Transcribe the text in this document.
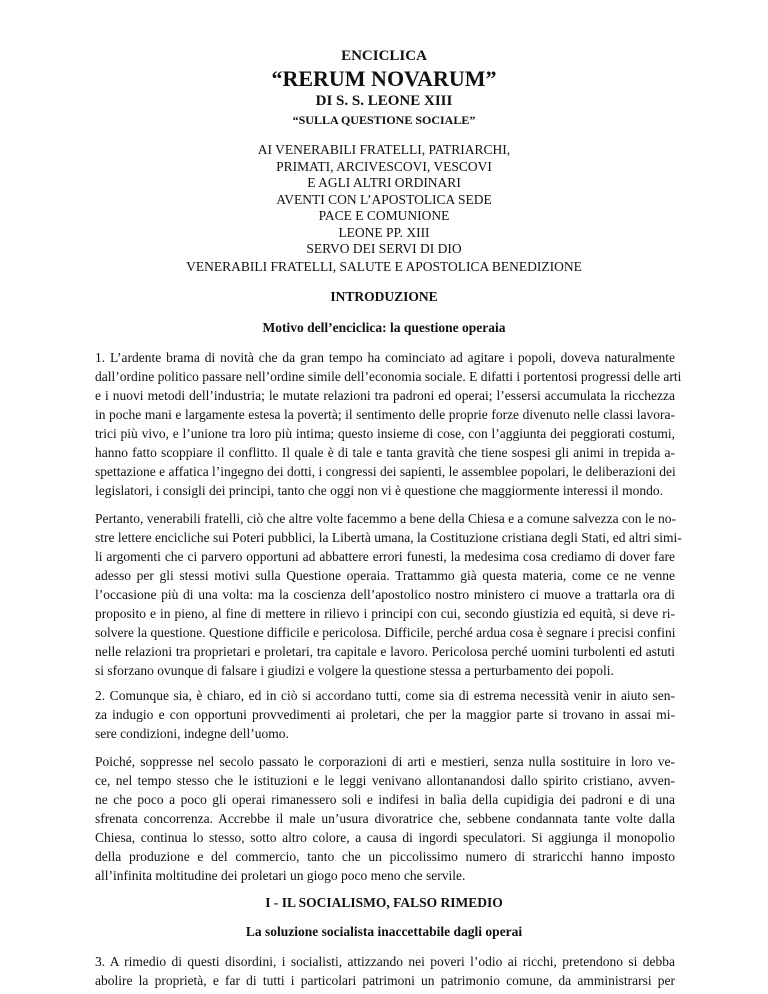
ENCICLICA
“RERUM NOVARUM”
DI S. S. LEONE XIII
“SULLA QUESTIONE SOCIALE”
AI VENERABILI FRATELLI, PATRIARCHI,
PRIMATI, ARCIVESCOVI, VESCOVI
E AGLI ALTRI ORDINARI
AVENTI CON L’APOSTOLICA SEDE
PACE E COMUNIONE
LEONE PP. XIII
SERVO DEI SERVI DI DIO
VENERABILI FRATELLI, SALUTE E APOSTOLICA BENEDIZIONE
INTRODUZIONE
Motivo dell’enciclica: la questione operaia
1. L’ardente brama di novità che da gran tempo ha cominciato ad agitare i popoli, doveva naturalmente
dall’ordine politico passare nell’ordine simile dell’economia sociale. E difatti i portentosi progressi delle arti
e i nuovi metodi dell’industria; le mutate relazioni tra padroni ed operai; l’essersi accumulata la ricchezza
in poche mani e largamente estesa la povertà; il sentimento delle proprie forze divenuto nelle classi lavora-
trici più vivo, e l’unione tra loro più intima; questo insieme di cose, con l’aggiunta dei peggiorati costumi,
hanno fatto scoppiare il conflitto. Il quale è di tale e tanta gravità che tiene sospesi gli animi in trepida a-
spettazione e affatica l’ingegno dei dotti, i congressi dei sapienti, le assemblee popolari, le deliberazioni dei
legislatori, i consigli dei principi, tanto che oggi non vi è questione che maggiormente interessi il mondo.
Pertanto, venerabili fratelli, ciò che altre volte facemmo a bene della Chiesa e a comune salvezza con le no-
stre lettere encicliche sui Poteri pubblici, la Libertà umana, la Costituzione cristiana degli Stati, ed altri simi-
li argomenti che ci parvero opportuni ad abbattere errori funesti, la medesima cosa crediamo di dover fare
adesso per gli stessi motivi sulla Questione operaia. Trattammo già questa materia, come ce ne venne
l’occasione più di una volta: ma la coscienza dell’apostolico nostro ministero ci muove a trattarla ora di
proposito e in pieno, al fine di mettere in rilievo i principi con cui, secondo giustizia ed equità, si deve ri-
solvere la questione. Questione difficile e pericolosa. Difficile, perché ardua cosa è segnare i precisi confini
nelle relazioni tra proprietari e proletari, tra capitale e lavoro. Pericolosa perché uomini turbolenti ed astuti
si sforzano ovunque di falsare i giudizi e volgere la questione stessa a perturbamento dei popoli.
2. Comunque sia, è chiaro, ed in ciò si accordano tutti, come sia di estrema necessità venir in aiuto sen-
za indugio e con opportuni provvedimenti ai proletari, che per la maggior parte si trovano in assai mi-
sere condizioni, indegne dell’uomo.
Poiché, soppresse nel secolo passato le corporazioni di arti e mestieri, senza nulla sostituire in loro ve-
ce, nel tempo stesso che le istituzioni e le leggi venivano allontanandosi dallo spirito cristiano, avven-
ne che poco a poco gli operai rimanessero soli e indifesi in balìa della cupidigia dei padroni e di una
sfrenata concorrenza. Accrebbe il male un’usura divoratrice che, sebbene condannata tante volte dalla
Chiesa, continua lo stesso, sotto altro colore, a causa di ingordi speculatori. Si aggiunga il monopolio
della produzione e del commercio, tanto che un piccolissimo numero di straricchi hanno imposto
all’infinita moltitudine dei proletari un giogo poco meno che servile.
I - IL SOCIALISMO, FALSO RIMEDIO
La soluzione socialista inaccettabile dagli operai
3. A rimedio di questi disordini, i socialisti, attizzando nei poveri l’odio ai ricchi, pretendono si debba
abolire la proprietà, e far di tutti i particolari patrimoni un patrimonio comune, da amministrarsi per
